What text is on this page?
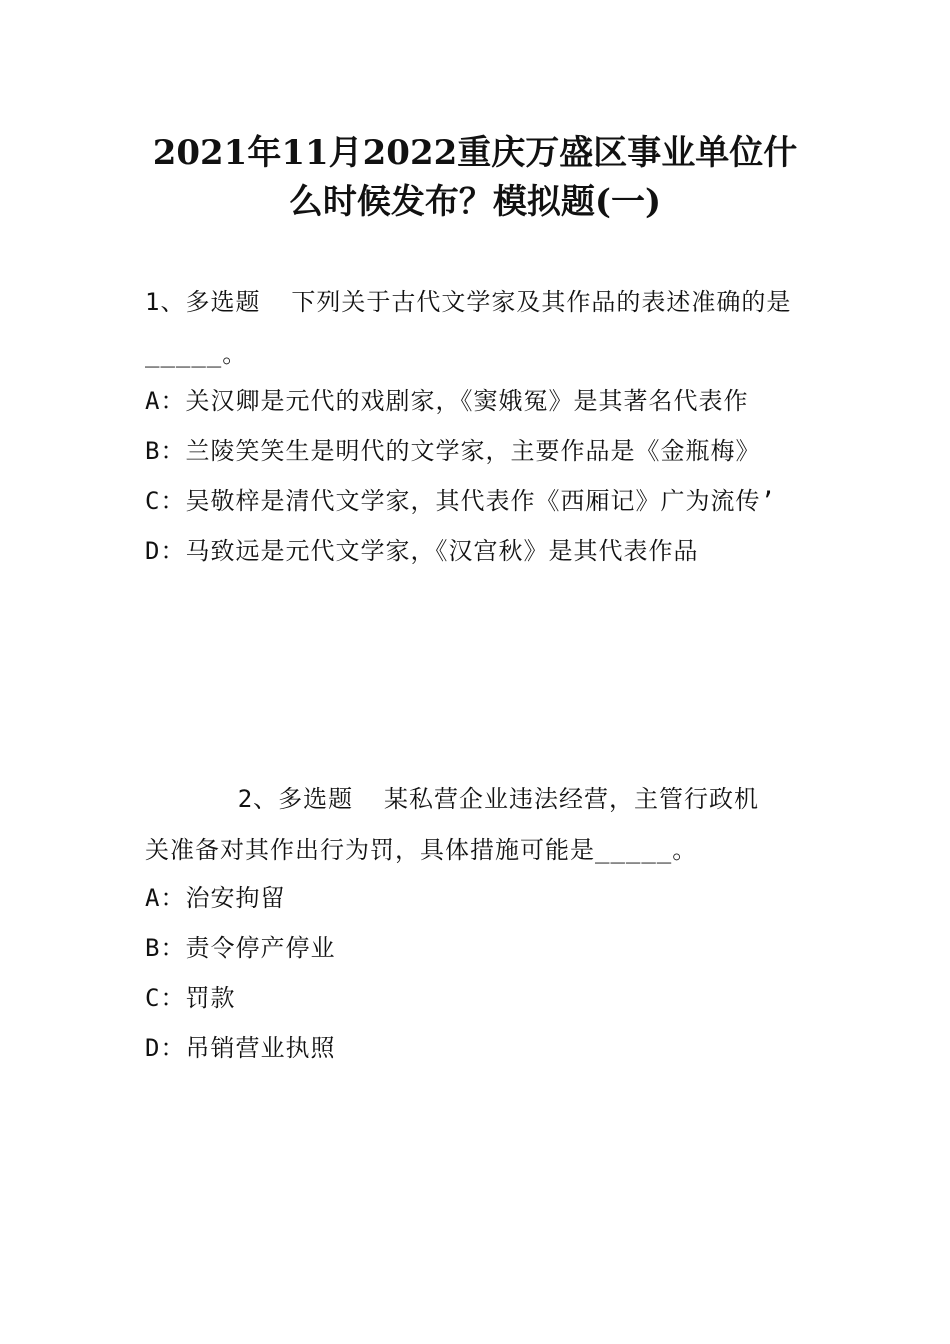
2021年11月2022重庆万盛区事业单位什
么时候发布？模拟题(一)
1、多选题  下列关于古代文学家及其作品的表述准确的是
_____。
A：关汉卿是元代的戏剧家，《窦娥冤》是其著名代表作
B：兰陵笑笑生是明代的文学家，主要作品是《金瓶梅》
C：吴敬梓是清代文学家，其代表作《西厢记》广为流传’
D：马致远是元代文学家，《汉宫秋》是其代表作品
2、多选题  某私营企业违法经营，主管行政机
关准备对其作出行为罚，具体措施可能是_____。
A：治安拘留
B：责令停产停业
C：罚款
D：吊销营业执照
